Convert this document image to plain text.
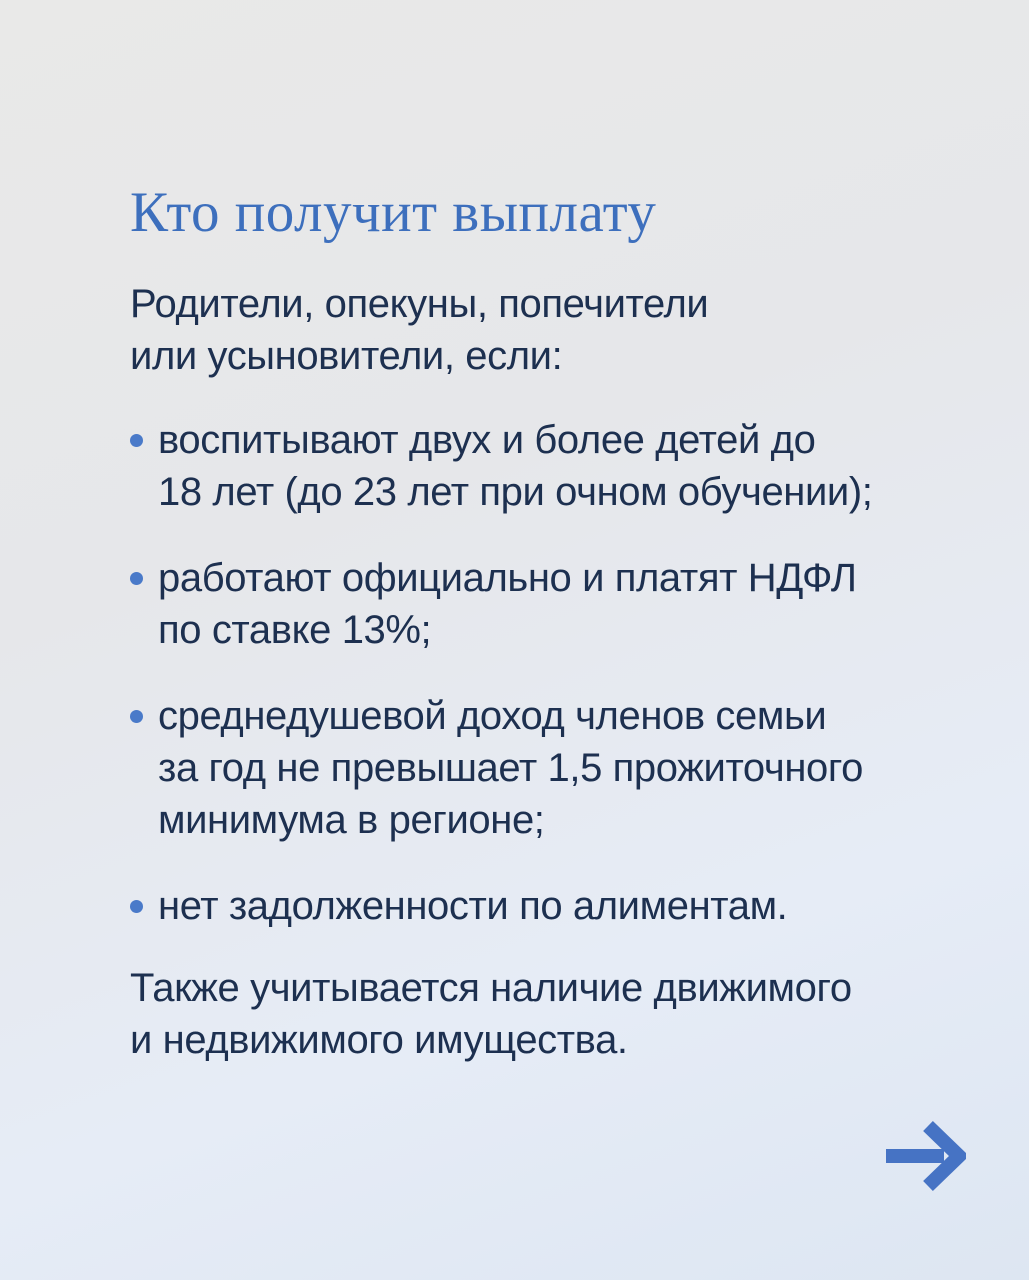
Кто получит выплату
Родители, опекуны, попечители
или усыновители, если:
воспитывают двух и более детей до
18 лет (до 23 лет при очном обучении);
работают официально и платят НДФЛ
по ставке 13%;
среднедушевой доход членов семьи
за год не превышает 1,5 прожиточного
минимума в регионе;
нет задолженности по алиментам.
Также учитывается наличие движимого
и недвижимого имущества.
